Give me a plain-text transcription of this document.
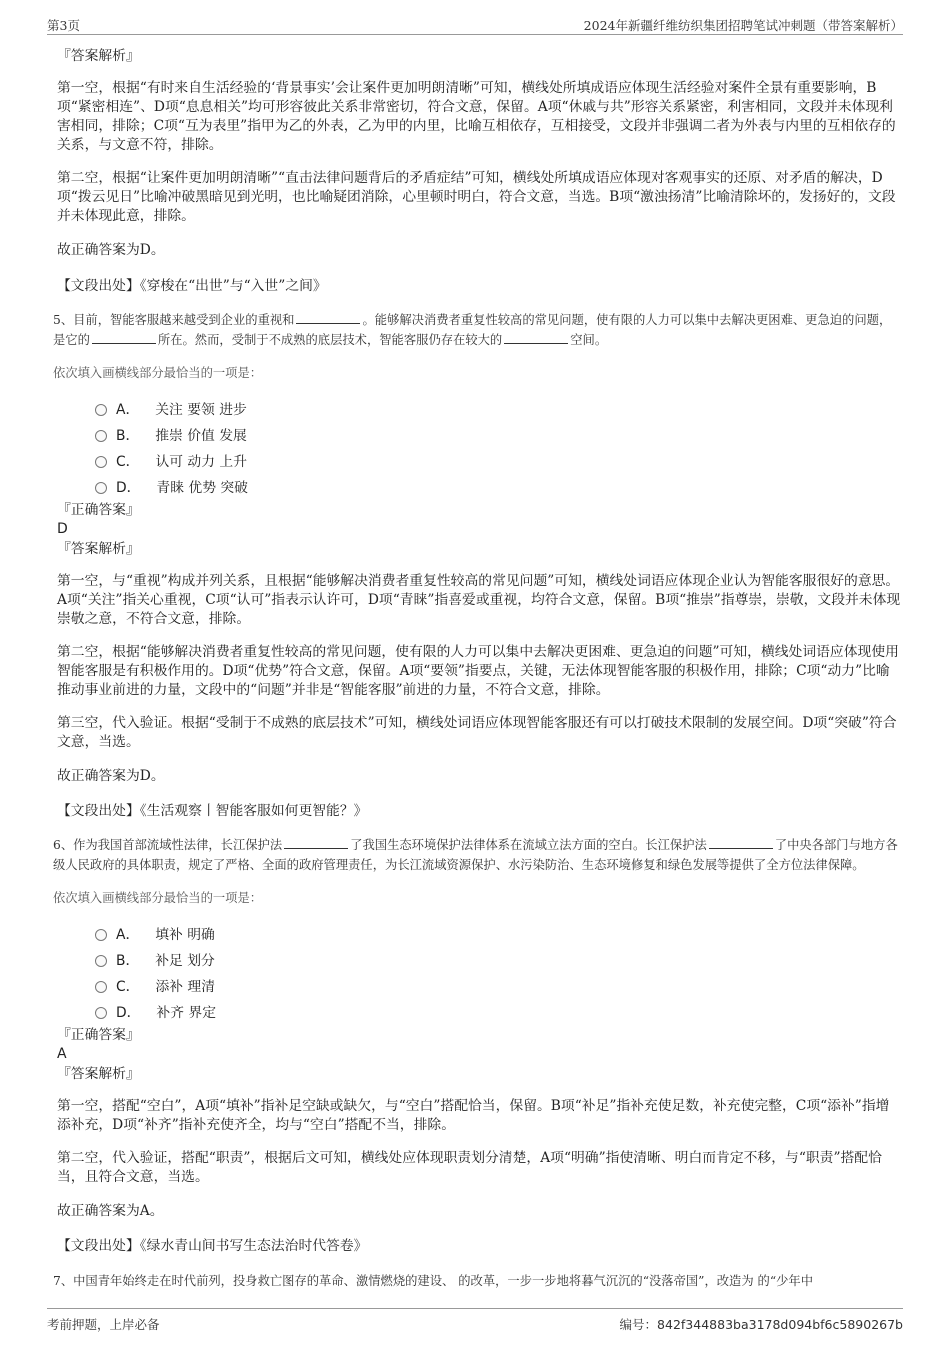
第3页	2024年新疆纤维纺织集团招聘笔试冲刺题（带答案解析）
『答案解析』

第一空，根据“有时来自生活经验的‘背景事实’会让案件更加明朗清晰”可知，横线处所填成语应体现生活经验对案件全景有重要影响，B项“紧密相连”、D项“息息相关”均可形容彼此关系非常密切，符合文意，保留。A项“休戚与共”形容关系紧密，利害相同，文段并未体现利害相同，排除；C项“互为表里”指甲为乙的外表，乙为甲的内里，比喻互相依存，互相接受，文段并非强调二者为外表与内里的互相依存的关系，与文意不符，排除。

第二空，根据“让案件更加明朗清晰”“直击法律问题背后的矛盾症结”可知，横线处所填成语应体现对客观事实的还原、对矛盾的解决，D项“拨云见日”比喻冲破黑暗见到光明，也比喻疑团消除，心里顿时明白，符合文意，当选。B项“激浊扬清”比喻清除坏的，发扬好的，文段并未体现此意，排除。

故正确答案为D。

【文段出处】《穿梭在“出世”与“入世”之间》

5、目前，智能客服越来越受到企业的重视和	。能够解决消费者重复性较高的常见问题，使有限的人力可以集中去解决更困难、更急迫的问题，是它的	所在。然而，受制于不成熟的底层技术，智能客服仍存在较大的	空间。
依次填入画横线部分最恰当的一项是：
A． 关注 要领 进步
B． 推崇 价值 发展
C． 认可 动力 上升
D． 青睐 优势 突破
『正确答案』
D
『答案解析』

第一空，与“重视”构成并列关系，且根据“能够解决消费者重复性较高的常见问题”可知，横线处词语应体现企业认为智能客服很好的意思。A项“关注”指关心重视，C项“认可”指表示认许可，D项“青睐”指喜爱或重视，均符合文意，保留。B项“推崇”指尊崇，崇敬，文段并未体现崇敬之意，不符合文意，排除。

第二空，根据“能够解决消费者重复性较高的常见问题，使有限的人力可以集中去解决更困难、更急迫的问题”可知，横线处词语应体现使用智能客服是有积极作用的。D项“优势”符合文意，保留。A项“要领”指要点，关键，无法体现智能客服的积极作用，排除；C项“动力”比喻推动事业前进的力量，文段中的“问题”并非是“智能客服”前进的力量，不符合文意，排除。

第三空，代入验证。根据“受制于不成熟的底层技术”可知，横线处词语应体现智能客服还有可以打破技术限制的发展空间。D项“突破”符合文意，当选。

故正确答案为D。

【文段出处】《生活观察丨智能客服如何更智能？》

6、作为我国首部流域性法律，长江保护法	了我国生态环境保护法律体系在流域立法方面的空白。长江保护法	了中央各部门与地方各级人民政府的具体职责，规定了严格、全面的政府管理责任，为长江流域资源保护、水污染防治、生态环境修复和绿色发展等提供了全方位法律保障。
依次填入画横线部分最恰当的一项是：
A． 填补 明确
B． 补足 划分
C． 添补 理清
D． 补齐 界定
『正确答案』
A
『答案解析』

第一空，搭配“空白”，A项“填补”指补足空缺或缺欠，与“空白”搭配恰当，保留。B项“补足”指补充使足数，补充使完整，C项“添补”指增添补充，D项“补齐”指补充使齐全，均与“空白”搭配不当，排除。

第二空，代入验证，搭配“职责”，根据后文可知，横线处应体现职责划分清楚，A项“明确”指使清晰、明白而肯定不移，与“职责”搭配恰当，且符合文意，当选。

故正确答案为A。

【文段出处】《绿水青山间书写生态法治时代答卷》

7、中国青年始终走在时代前列，投身救亡图存的革命、激情燃烧的建设、 的改革，一步一步地将暮气沉沉的“没落帝国”，改造为 的“少年中
考前押题，上岸必备	编号：842f344883ba3178d094bf6c5890267b
